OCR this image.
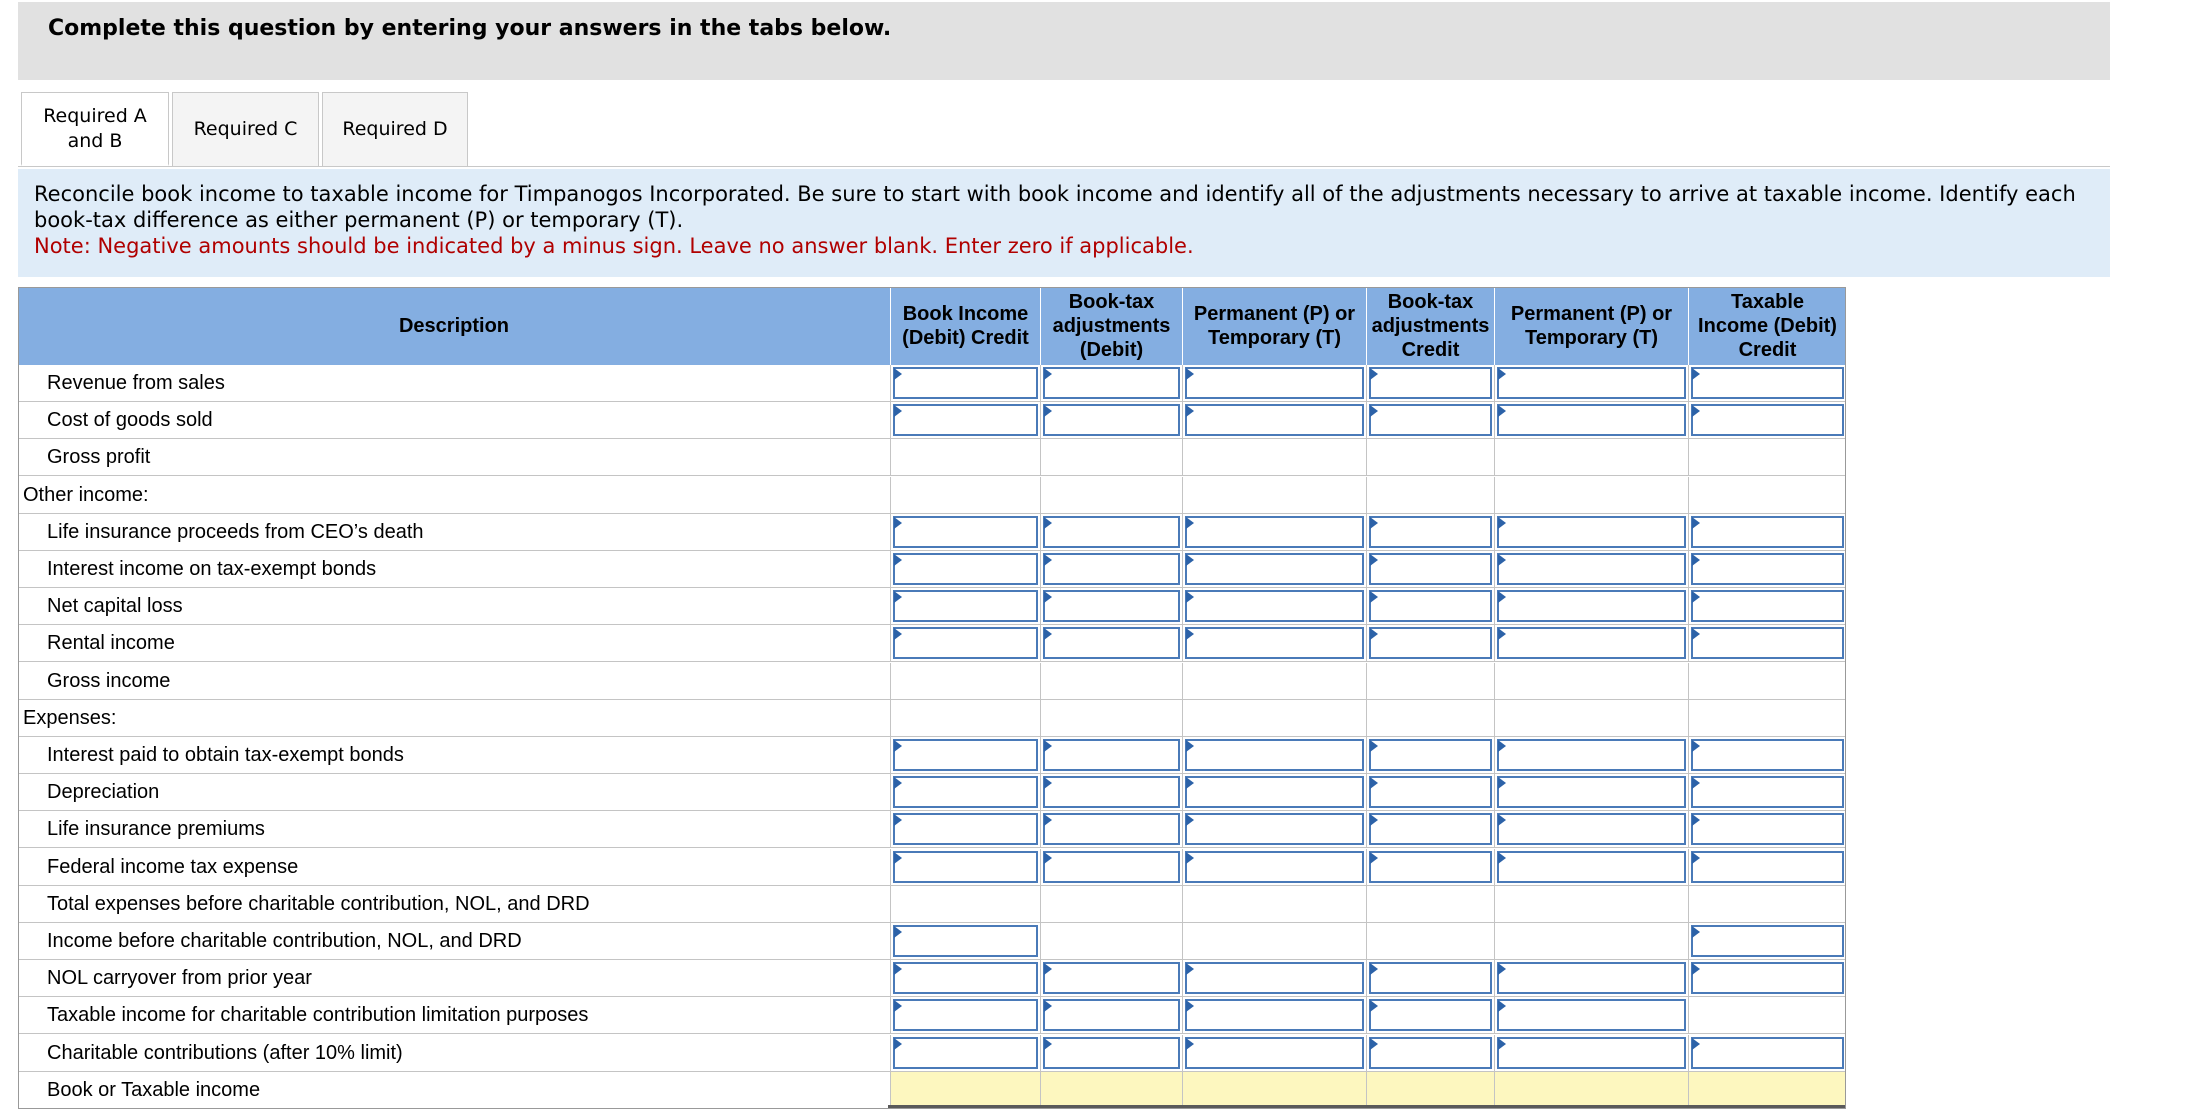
Complete this question by entering your answers in the tabs below.
Required A
and B
Required C Required D
Reconcile book income to taxable income for Timpanogos Incorporated. Be sure to start with book income and identify all of the adjustments necessary to arrive at taxable income. Identify each book-tax difference as either permanent (P) or temporary (T).
Note: Negative amounts should be indicated by a minus sign. Leave no answer blank. Enter zero if applicable.
Description
Book Income
(Debit) Credit
Book-tax
adjustments
(Debit)
Permanent (P) or
Temporary (T)
Book-tax
adjustments
Credit
Permanent (P) or
Temporary (T)
Taxable
Income (Debit)
Credit
Revenue from sales
Cost of goods sold
Gross profit
Other income:
Life insurance proceeds from CEO’s death
Interest income on tax-exempt bonds
Net capital loss
Rental income
Gross income
Expenses:
Interest paid to obtain tax-exempt bonds
Depreciation
Life insurance premiums
Federal income tax expense
Total expenses before charitable contribution, NOL, and DRD
Income before charitable contribution, NOL, and DRD
NOL carryover from prior year
Taxable income for charitable contribution limitation purposes
Charitable contributions (after 10% limit)
Book or Taxable income
